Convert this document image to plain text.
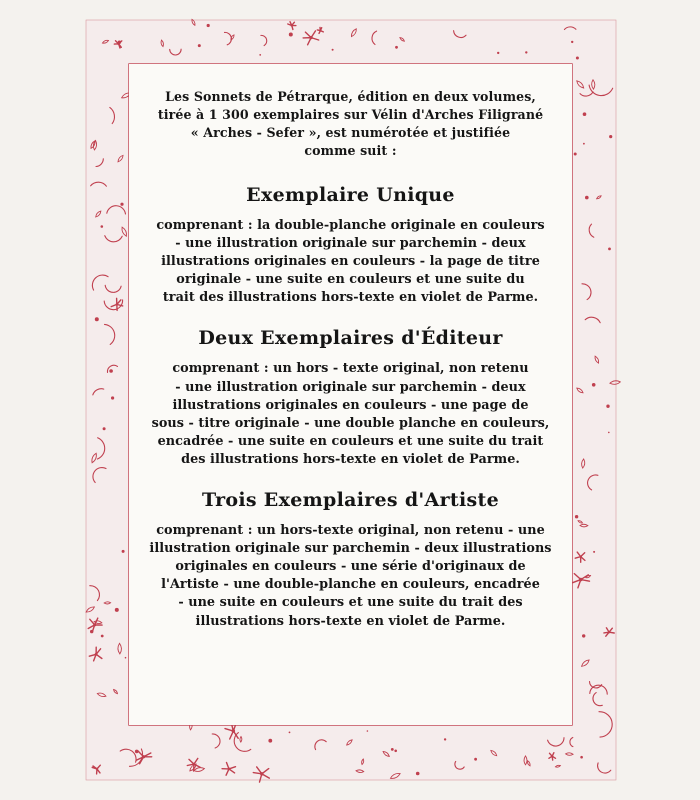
Les Sonnets de Pétrarque, édition en deux volumes,
tirée à 1 300 exemplaires sur Vélin d'Arches Filigrané
« Arches - Sefer », est numérotée et justifiée
comme suit :
Exemplaire Unique
comprenant : la double-planche originale en couleurs
- une illustration originale sur parchemin - deux
illustrations originales en couleurs - la page de titre
originale - une suite en couleurs et une suite du
trait des illustrations hors-texte en violet de Parme.
Deux Exemplaires d'Éditeur
comprenant : un hors - texte original, non retenu
- une illustration originale sur parchemin - deux
illustrations originales en couleurs - une page de
sous - titre originale - une double planche en couleurs,
encadrée - une suite en couleurs et une suite du trait
des illustrations hors-texte en violet de Parme.
Trois Exemplaires d'Artiste
comprenant : un hors-texte original, non retenu - une
illustration originale sur parchemin - deux illustrations
originales en couleurs - une série d'originaux de
l'Artiste - une double-planche en couleurs, encadrée
- une suite en couleurs et une suite du trait des
illustrations hors-texte en violet de Parme.
